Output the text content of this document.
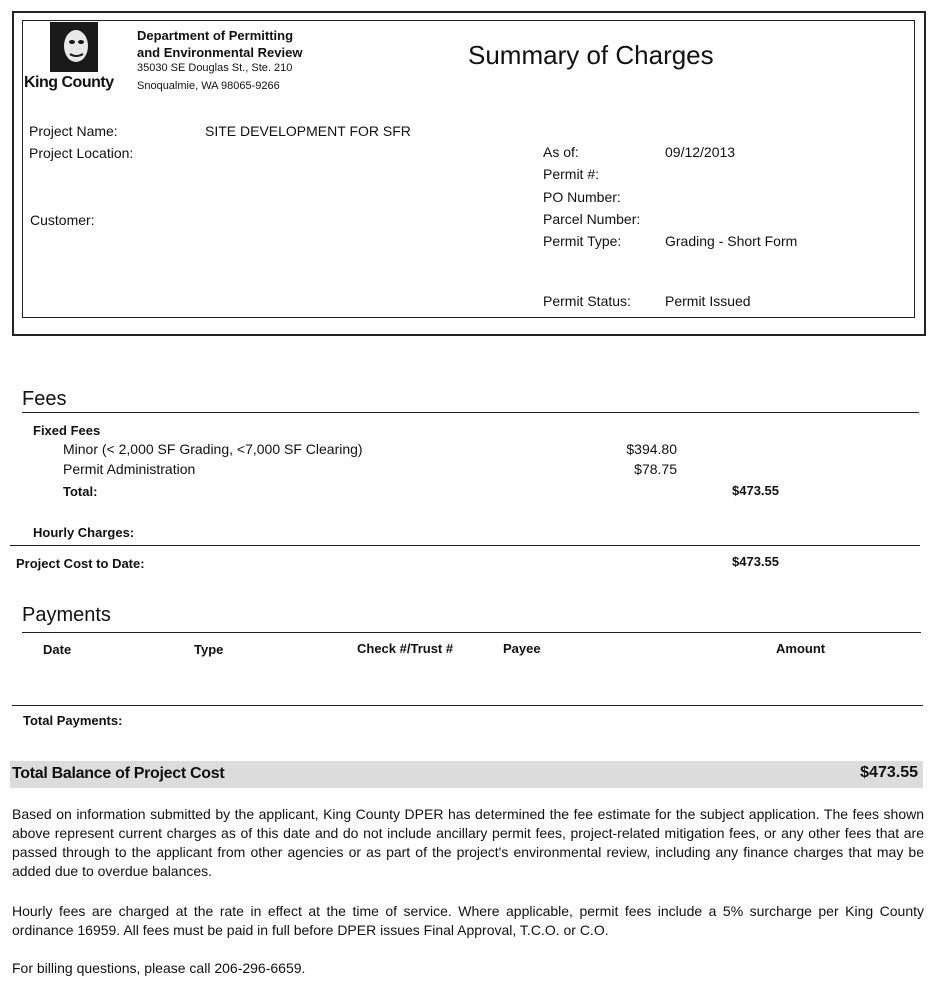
King County
Department of Permitting
and Environmental Review
35030 SE Douglas St., Ste. 210
Snoqualmie, WA 98065-9266
Summary of Charges
Project Name:	SITE DEVELOPMENT FOR SFR
Project Location:
Customer:
As of:	09/12/2013
Permit #:
PO Number:
Parcel Number:
Permit Type:	Grading - Short Form
Permit Status: Permit Issued
Fees
Fixed Fees
Minor (< 2,000 SF Grading, <7,000 SF Clearing)	$394.80
Permit Administration	$78.75
Total:	$473.55
Hourly Charges:
Project Cost to Date:	$473.55
Payments
Date	Type	Check #/Trust #	Payee	Amount
Total Payments:
Total Balance of Project Cost	$473.55
Based on information submitted by the applicant, King County DPER has determined the fee estimate for the subject application. The fees shown above represent current charges as of this date and do not include ancillary permit fees, project-related mitigation fees, or any other fees that are passed through to the applicant from other agencies or as part of the project's environmental review, including any finance charges that may be added due to overdue balances.
Hourly fees are charged at the rate in effect at the time of service. Where applicable, permit fees include a 5% surcharge per King County ordinance 16959. All fees must be paid in full before DPER issues Final Approval, T.C.O. or C.O.
For billing questions, please call 206-296-6659.
